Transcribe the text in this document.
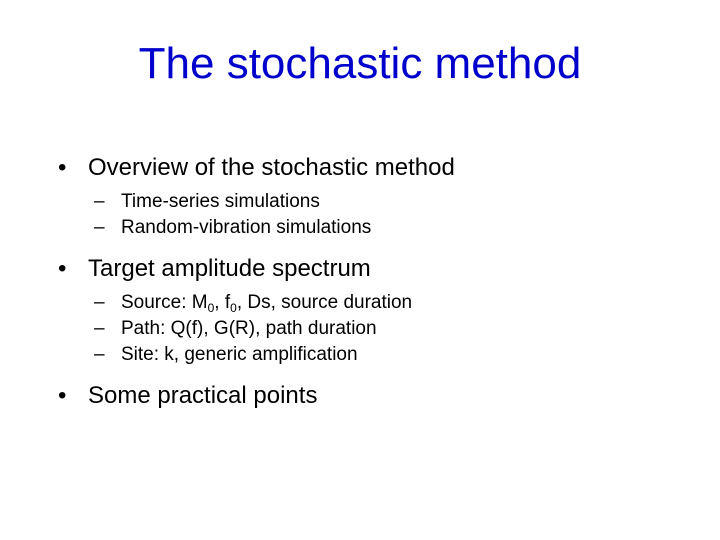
The stochastic method
• Overview of the stochastic method
– Time-series simulations
– Random-vibration simulations
• Target amplitude spectrum
– Source: $M_0$, $f_0$, Ds, source duration
– Path: Q(f), G(R), path duration
– Site: k, generic amplification
• Some practical points
